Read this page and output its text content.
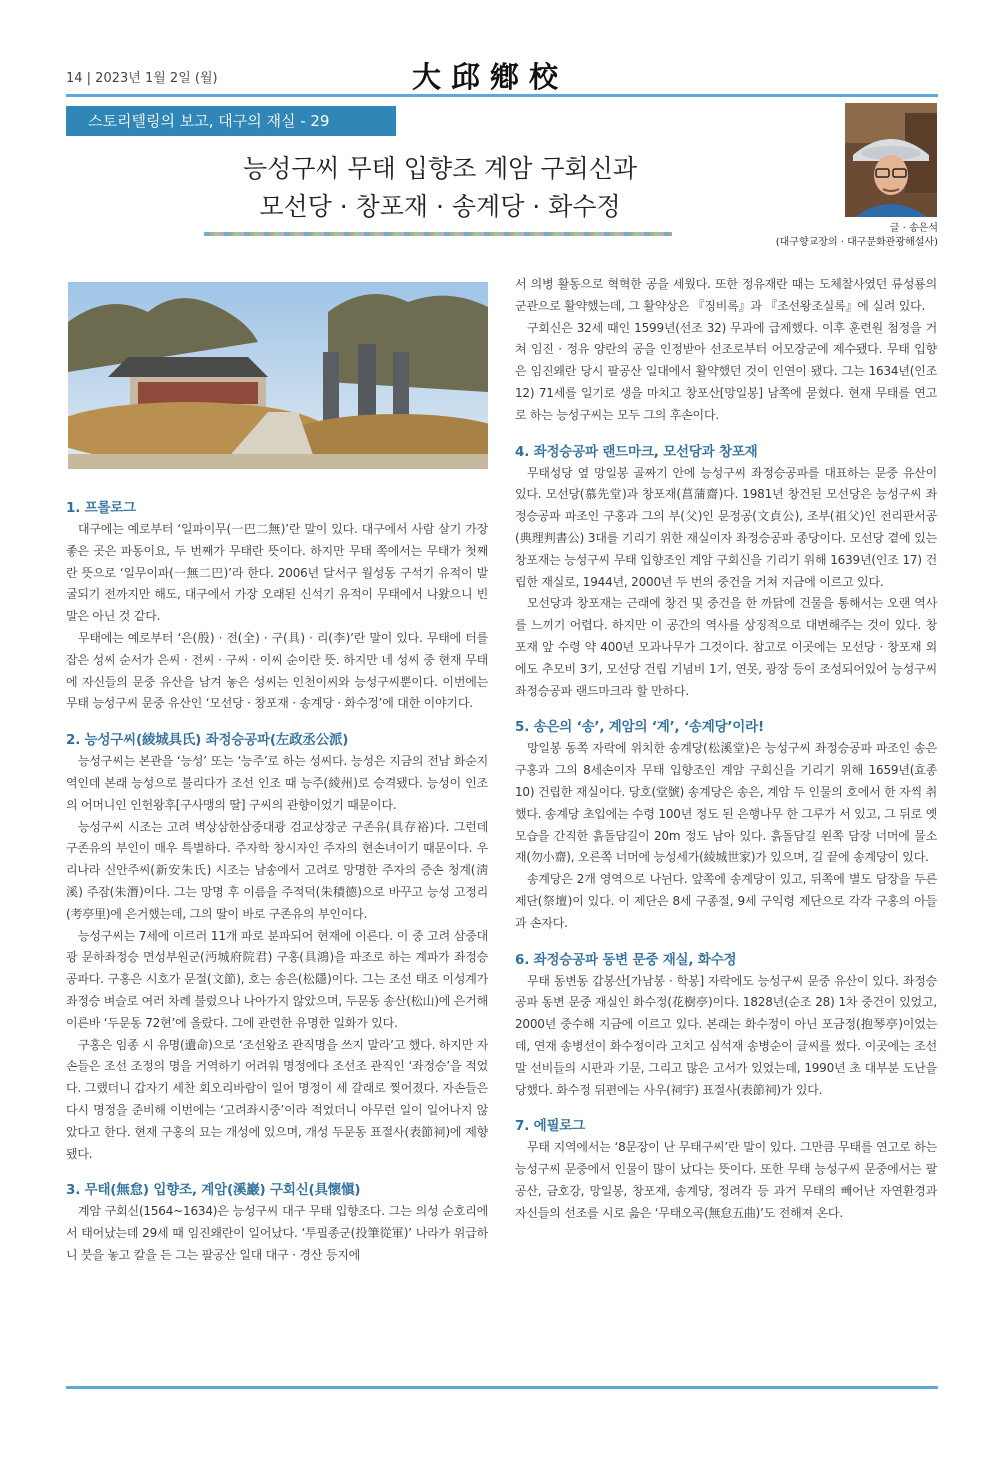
14 | 2023년 1월 2일 (월)	大邱鄕校
스토리텔링의 보고, 대구의 재실 - 29
능성구씨 무태 입향조 계암 구회신과
모선당 · 창포재 · 송계당 · 화수정
글 · 송은석
(대구향교장의 · 대구문화관광해설사)
1. 프롤로그

대구에는 예로부터 ‘일파이무(一巴二無)’란 말이 있다. 대구에서 사람 살기 가장 좋은 곳은 파동이요, 두 번째가 무태란 뜻이다. 하지만 무태 쪽에서는 무태가 첫째란 뜻으로 ‘일무이파(一無二巴)’라 한다. 2006년 달서구 월성동 구석기 유적이 발굴되기 전까지만 해도, 대구에서 가장 오래된 신석기 유적이 무태에서 나왔으니 빈말은 아닌 것 같다.

무태에는 예로부터 ‘은(殷) · 전(全) · 구(具) · 리(李)’란 말이 있다. 무태에 터를 잡은 성씨 순서가 은씨 · 전씨 · 구씨 · 이씨 순이란 뜻. 하지만 네 성씨 중 현재 무태에 자신들의 문중 유산을 남겨 놓은 성씨는 인천이씨와 능성구씨뿐이다. 이번에는 무태 능성구씨 문중 유산인 ‘모선당 · 창포재 · 송계당 · 화수정’에 대한 이야기다.

2. 능성구씨(綾城具氏) 좌정승공파(左政丞公派)

능성구씨는 본관을 ‘능성’ 또는 ‘능주’로 하는 성씨다. 능성은 지금의 전남 화순지역인데 본래 능성으로 불리다가 조선 인조 때 능주(綾州)로 승격됐다. 능성이 인조의 어머니인 인헌왕후[구사맹의 딸] 구씨의 관향이었기 때문이다.

능성구씨 시조는 고려 벽상삼한삼중대광 검교상장군 구존유(具存裕)다. 그런데 구존유의 부인이 매우 특별하다. 주자학 창시자인 주자의 현손녀이기 때문이다. 우리나라 신안주씨(新安朱氏) 시조는 남송에서 고려로 망명한 주자의 증손 청계(淸溪) 주잠(朱潛)이다. 그는 망명 후 이름을 주적덕(朱積德)으로 바꾸고 능성 고정리(考亭里)에 은거했는데, 그의 딸이 바로 구존유의 부인이다.

능성구씨는 7세에 이르러 11개 파로 분파되어 현재에 이른다. 이 중 고려 삼중대광 문하좌정승 면성부원군(沔城府院君) 구홍(具鴻)을 파조로 하는 계파가 좌정승공파다. 구홍은 시호가 문절(文節), 호는 송은(松隱)이다. 그는 조선 태조 이성계가 좌정승 벼슬로 여러 차례 불렀으나 나아가지 않았으며, 두문동 송산(松山)에 은거해 이른바 ‘두문동 72현’에 올랐다. 그에 관련한 유명한 일화가 있다.

구홍은 임종 시 유명(遺命)으로 ‘조선왕조 관직명을 쓰지 말라’고 했다. 하지만 자손들은 조선 조정의 명을 거역하기 어려워 명정에다 조선조 관직인 ‘좌정승’을 적었다. 그랬더니 갑자기 세찬 회오리바람이 일어 명정이 세 갈래로 찢어졌다. 자손들은 다시 명정을 준비해 이번에는 ‘고려좌시중’이라 적었더니 아무런 일이 일어나지 않았다고 한다. 현재 구홍의 묘는 개성에 있으며, 개성 두문동 표절사(表節祠)에 제향됐다.

3. 무태(無怠) 입향조, 계암(溪巖) 구회신(具懷愼)

계암 구회신(1564~1634)은 능성구씨 대구 무태 입향조다. 그는 의성 순호리에서 태어났는데 29세 때 임진왜란이 일어났다. ‘투필종군(投筆從軍)’ 나라가 위급하니 붓을 놓고 칼을 든 그는 팔공산 일대 대구 · 경산 등지에

서 의병 활동으로 혁혁한 공을 세웠다. 또한 정유재란 때는 도체찰사였던 류성룡의 군관으로 활약했는데, 그 활약상은 『징비록』과 『조선왕조실록』에 실려 있다.

구회신은 32세 때인 1599년(선조 32) 무과에 급제했다. 이후 훈련원 첨정을 거쳐 임진 · 정유 양란의 공을 인정받아 선조로부터 어모장군에 제수됐다. 무태 입향은 임진왜란 당시 팔공산 일대에서 활약했던 것이 인연이 됐다. 그는 1634년(인조 12) 71세를 일기로 생을 마치고 창포산[망일봉] 남쪽에 묻혔다. 현재 무태를 연고로 하는 능성구씨는 모두 그의 후손이다.

4. 좌정승공파 랜드마크, 모선당과 창포재

무태성당 옆 망일봉 골짜기 안에 능성구씨 좌정승공파를 대표하는 문중 유산이 있다. 모선당(慕先堂)과 창포재(菖蒲齋)다. 1981년 창건된 모선당은 능성구씨 좌정승공파 파조인 구홍과 그의 부(父)인 문정공(文貞公), 조부(祖父)인 전리판서공(典理判書公) 3대를 기리기 위한 재실이자 좌정승공파 종당이다. 모선당 곁에 있는 창포재는 능성구씨 무태 입향조인 계암 구회신을 기리기 위해 1639년(인조 17) 건립한 재실로, 1944년, 2000년 두 번의 중건을 거쳐 지금에 이르고 있다.

모선당과 창포재는 근래에 창건 및 중건을 한 까닭에 건물을 통해서는 오랜 역사를 느끼기 어렵다. 하지만 이 공간의 역사를 상징적으로 대변해주는 것이 있다. 창포재 앞 수령 약 400년 모과나무가 그것이다. 참고로 이곳에는 모선당 · 창포재 외에도 추모비 3기, 모선당 건립 기념비 1기, 연못, 광장 등이 조성되어있어 능성구씨 좌정승공파 랜드마크라 할 만하다.

5. 송은의 ‘송’, 계암의 ‘계’, ‘송계당’이라!

망일봉 동쪽 자락에 위치한 송계당(松溪堂)은 능성구씨 좌정승공파 파조인 송은 구홍과 그의 8세손이자 무태 입향조인 계암 구회신을 기리기 위해 1659년(효종 10) 건립한 재실이다. 당호(堂號) 송계당은 송은, 계암 두 인물의 호에서 한 자씩 취했다. 송계당 초입에는 수령 100년 정도 된 은행나무 한 그루가 서 있고, 그 뒤로 옛 모습을 간직한 흙돌담길이 20m 정도 남아 있다. 흙돌담길 왼쪽 담장 너머에 물소재(勿小齋), 오른쪽 너머에 능성세가(綾城世家)가 있으며, 길 끝에 송계당이 있다.

송계당은 2개 영역으로 나뉜다. 앞쪽에 송계당이 있고, 뒤쪽에 별도 담장을 두른 제단(祭壇)이 있다. 이 제단은 8세 구종절, 9세 구익령 제단으로 각각 구홍의 아들과 손자다.

6. 좌정승공파 동변 문중 재실, 화수정

무태 동변동 갑봉산[가남봉 · 학봉] 자락에도 능성구씨 문중 유산이 있다. 좌정승공파 동변 문중 재실인 화수정(花樹亭)이다. 1828년(순조 28) 1차 중건이 있었고, 2000년 중수해 지금에 이르고 있다. 본래는 화수정이 아닌 포금정(抱琴亭)이었는데, 연재 송병선이 화수정이라 고치고 심석재 송병순이 글씨를 썼다. 이곳에는 조선말 선비들의 시판과 기문, 그리고 많은 고서가 있었는데, 1990년 초 대부분 도난을 당했다. 화수정 뒤편에는 사우(祠宇) 표절사(表節祠)가 있다.

7. 에필로그

무태 지역에서는 ‘8문장이 난 무태구씨’란 말이 있다. 그만큼 무태를 연고로 하는 능성구씨 문중에서 인물이 많이 났다는 뜻이다. 또한 무태 능성구씨 문중에서는 팔공산, 금호강, 망일봉, 창포재, 송계당, 정려각 등 과거 무태의 빼어난 자연환경과 자신들의 선조를 시로 읊은 ‘무태오곡(無怠五曲)’도 전해져 온다.
